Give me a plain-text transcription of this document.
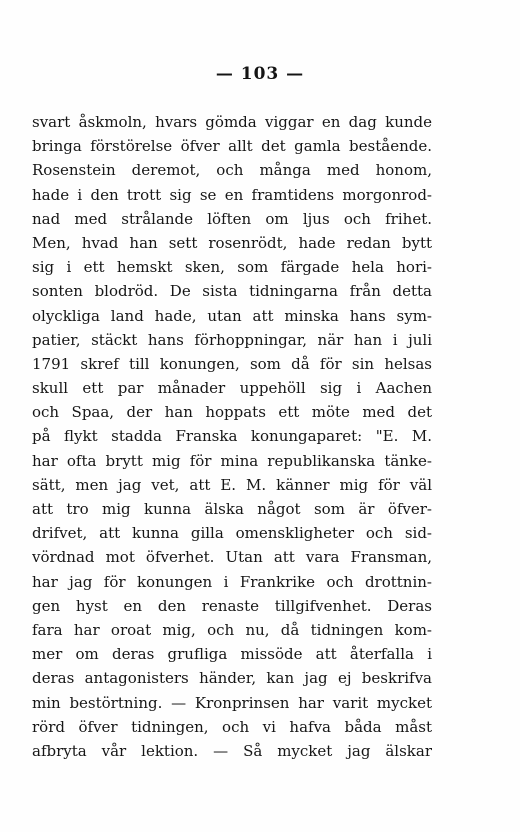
— 103 —
svart åskmoln, hvars gömda viggar en dag kunde
bringa förstörelse öfver allt det gamla bestående.
Rosenstein deremot, och många med honom,
hade i den trott sig se en framtidens morgonrod-
nad med strålande löften om ljus och frihet.
Men, hvad han sett rosenrödt, hade redan bytt
sig i ett hemskt sken, som färgade hela hori-
sonten blodröd. De sista tidningarna från detta
olyckliga land hade, utan att minska hans sym-
patier, stäckt hans förhoppningar, när han i juli
1791 skref till konungen, som då för sin helsas
skull ett par månader uppehöll sig i Aachen
och Spaa, der han hoppats ett möte med det
på flykt stadda Franska konungaparet: "E. M.
har ofta brytt mig för mina republikanska tänke-
sätt, men jag vet, att E. M. känner mig för väl
att tro mig kunna älska något som är öfver-
drifvet, att kunna gilla omenskligheter och sid-
vördnad mot öfverhet. Utan att vara Fransman,
har jag för konungen i Frankrike och drottnin-
gen hyst en den renaste tillgifvenhet. Deras
fara har oroat mig, och nu, då tidningen kom-
mer om deras grufliga missöde att återfalla i
deras antagonisters händer, kan jag ej beskrifva
min bestörtning. — Kronprinsen har varit mycket
rörd öfver tidningen, och vi hafva båda måst
afbryta vår lektion. — Så mycket jag älskar
